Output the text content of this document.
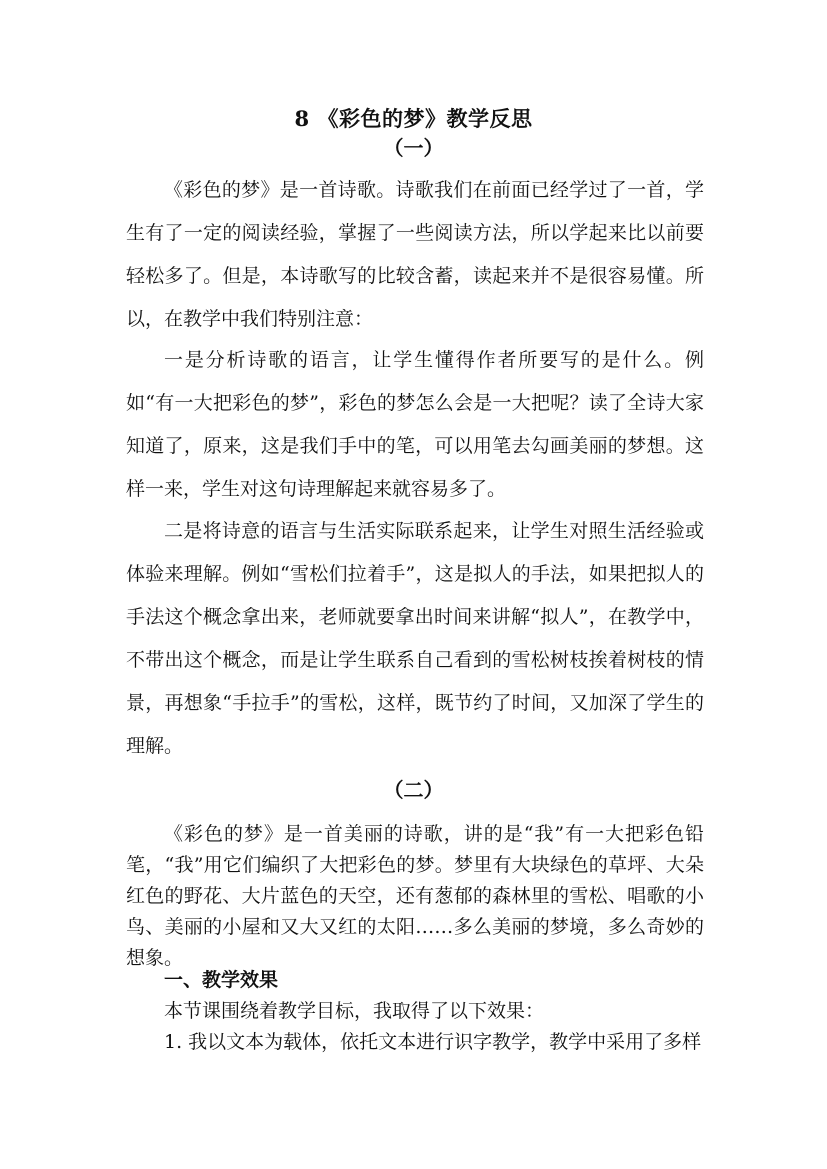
8 《彩色的梦》教学反思
（一）

《彩色的梦》是一首诗歌。诗歌我们在前面已经学过了一首，学生有了一定的阅读经验，掌握了一些阅读方法，所以学起来比以前要轻松多了。但是，本诗歌写的比较含蓄，读起来并不是很容易懂。所以，在教学中我们特别注意：

一是分析诗歌的语言，让学生懂得作者所要写的是什么。例如“有一大把彩色的梦”，彩色的梦怎么会是一大把呢？读了全诗大家知道了，原来，这是我们手中的笔，可以用笔去勾画美丽的梦想。这样一来，学生对这句诗理解起来就容易多了。

二是将诗意的语言与生活实际联系起来，让学生对照生活经验或体验来理解。例如“雪松们拉着手”，这是拟人的手法，如果把拟人的手法这个概念拿出来，老师就要拿出时间来讲解“拟人”，在教学中，不带出这个概念，而是让学生联系自己看到的雪松树枝挨着树枝的情景，再想象“手拉手”的雪松，这样，既节约了时间，又加深了学生的理解。

（二）

《彩色的梦》是一首美丽的诗歌，讲的是“我”有一大把彩色铅笔，“我”用它们编织了大把彩色的梦。梦里有大块绿色的草坪、大朵红色的野花、大片蓝色的天空，还有葱郁的森林里的雪松、唱歌的小鸟、美丽的小屋和又大又红的太阳……多么美丽的梦境，多么奇妙的想象。

一、教学效果

本节课围绕着教学目标，我取得了以下效果：

1. 我以文本为载体，依托文本进行识字教学，教学中采用了多样
